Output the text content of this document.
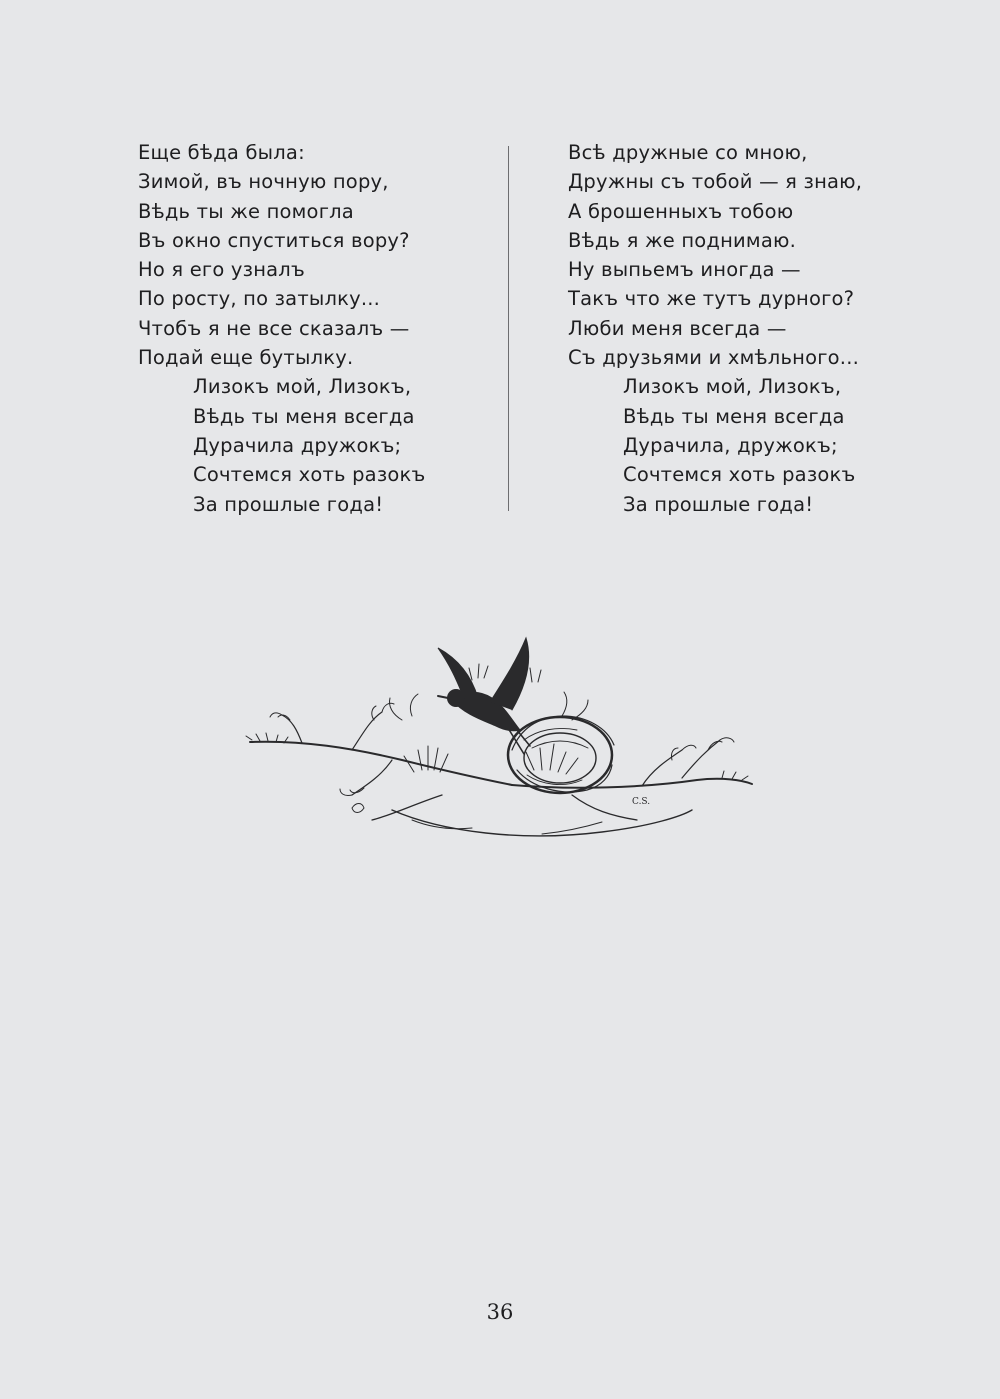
Еще бѣда была:
Зимой, въ ночную пору,
Вѣдь ты же помогла
Въ окно спуститься вору?
Но я его узналъ
По росту, по затылку...
Чтобъ я не все сказалъ —
Подай еще бутылку.
Лизокъ мой, Лизокъ,
Вѣдь ты меня всегда
Дурачила дружокъ;
Сочтемся хоть разокъ
За прошлые года!
Всѣ дружные со мною,
Дружны съ тобой — я знаю,
А брошенныхъ тобою
Вѣдь я же поднимаю.
Ну выпьемъ иногда —
Такъ что же тутъ дурного?
Люби меня всегда —
Съ друзьями и хмѣльного...
Лизокъ мой, Лизокъ,
Вѣдь ты меня всегда
Дурачила, дружокъ;
Сочтемся хоть разокъ
За прошлые года!
C.S.
36
